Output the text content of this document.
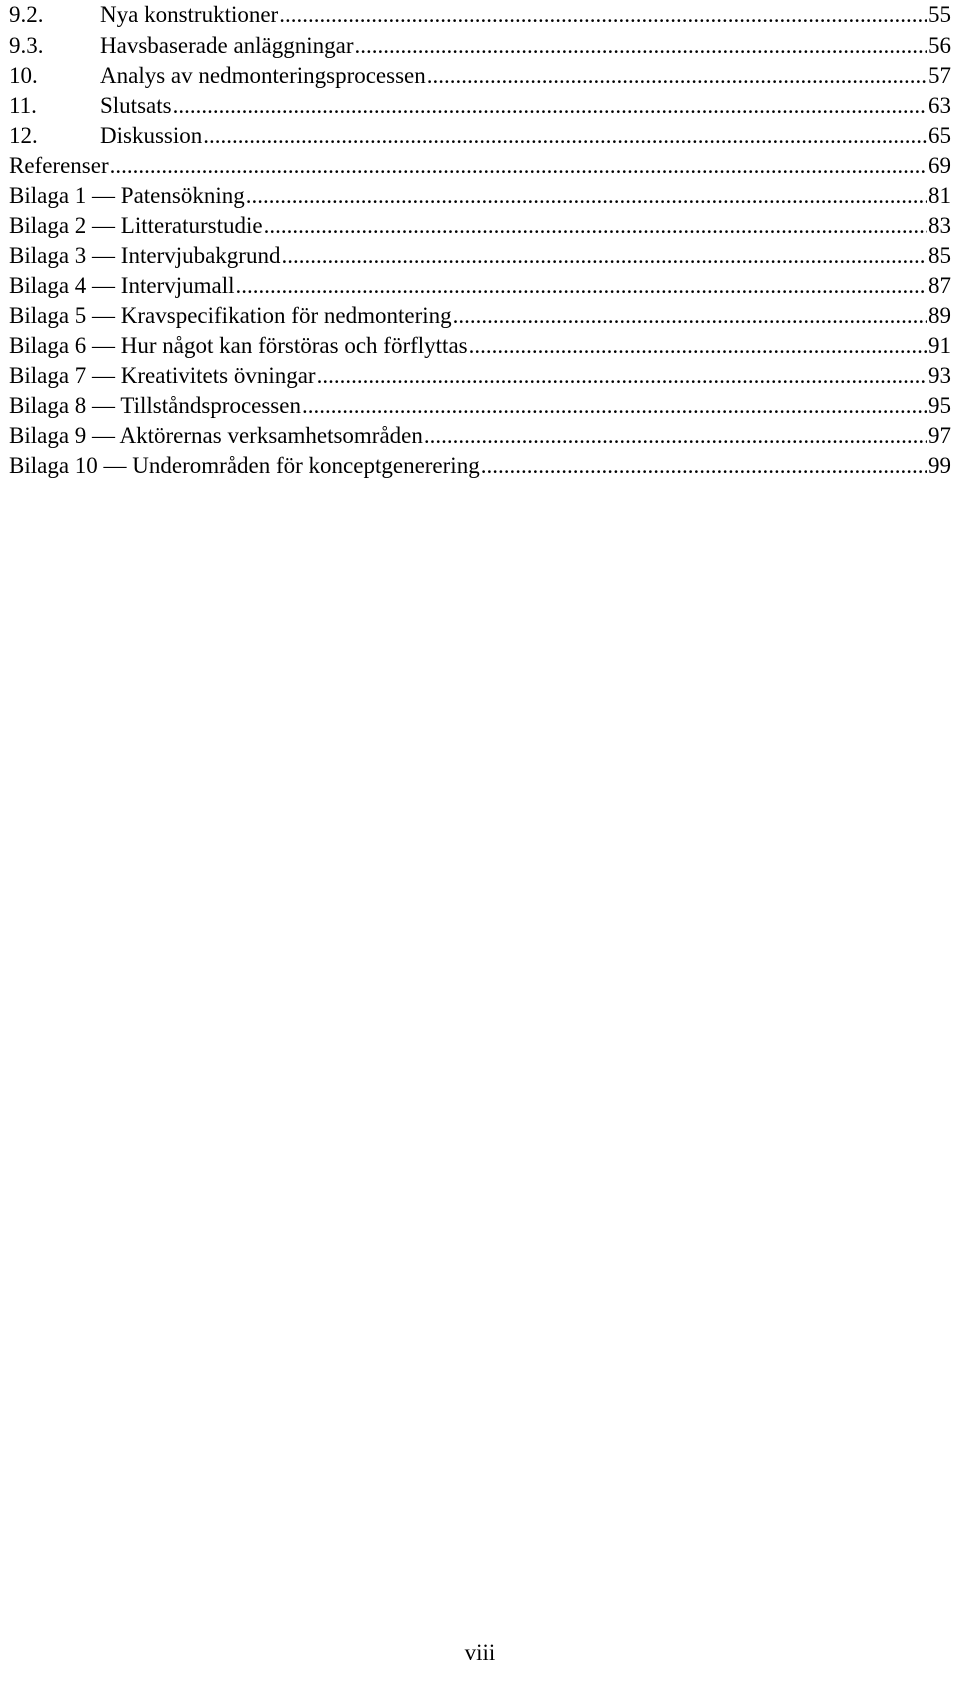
9.2.	Nya konstruktioner .....	55
9.3.	Havsbaserade anläggningar .....	56
10.	Analys av nedmonteringsprocessen .....	57
11.	Slutsats .....	63
12.	Diskussion .....	65
Referenser .....	69
Bilaga 1 — Patensökning .....	81
Bilaga 2 — Litteraturstudie .....	83
Bilaga 3 — Intervjubakgrund .....	85
Bilaga 4 — Intervjumall .....	87
Bilaga 5 — Kravspecifikation för nedmontering .....	89
Bilaga 6 — Hur något kan förstöras och förflyttas .....	91
Bilaga 7 — Kreativitets övningar .....	93
Bilaga 8 — Tillståndsprocessen .....	95
Bilaga 9 — Aktörernas verksamhetsområden .....	97
Bilaga 10 — Underområden för konceptgenerering .....	99
viii
